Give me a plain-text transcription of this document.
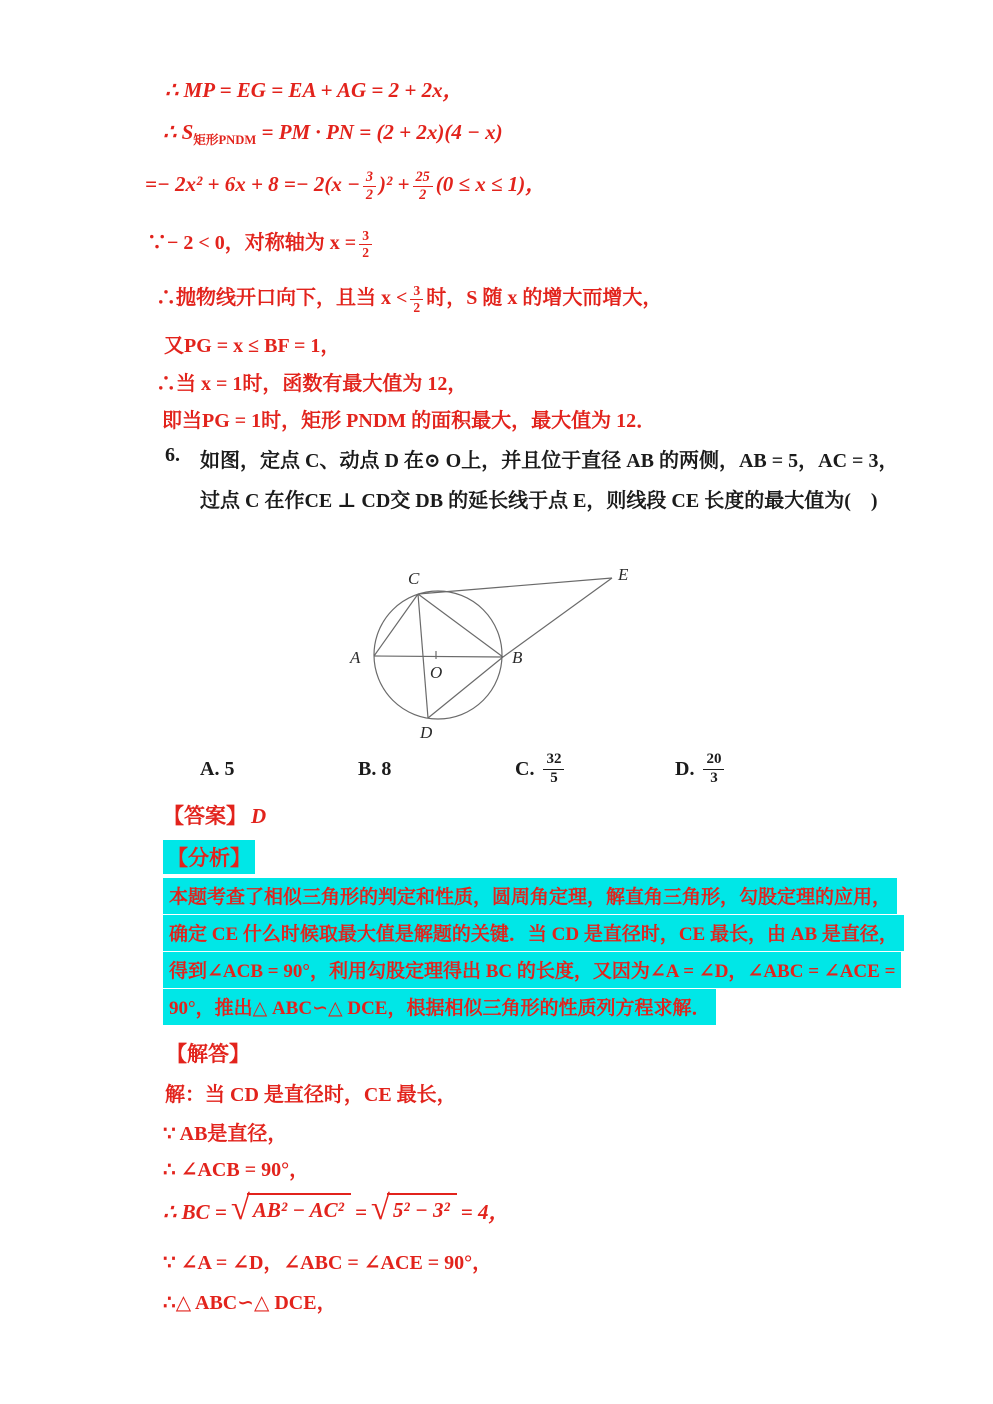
∴ MP = EG = EA + AG = 2 + 2x，
∴ $S_{矩形PNDM}$ = PM · PN = (2 + 2x)(4 − x)
=− $2x^2 + 6x + 8 =- 2(x - \frac{3}{2} )^2 + \frac{25}{2} (0 \le x \le 1)$，
∵− 2 < 0，对称轴为 $x = \frac{3}{2}$
∴抛物线开口向下，且当 $x < \frac{3}{2}$ 时，S 随 x 的增大而增大，
又PG = x ≤ BF = 1，
∴当 x = 1时，函数有最大值为 12，
即当PG = 1时，矩形 PNDM 的面积最大，最大值为 12．
6. 如图，定点 C、动点 D 在⊙ O上，并且位于直径 AB 的两侧，AB = 5，AC = 3，
过点 C 在作CE ⊥ CD交 DB 的延长线于点 E，则线段 CE 长度的最大值为(　)
A	B
C
D
E
O
A. 5	B. 8	C. $\frac{32}{5}$	D. $\frac{20}{3}$
【答案】 D
【分析】
本题考查了相似三角形的判定和性质，圆周角定理，解直角三角形，勾股定理的应用，
确定 CE 什么时候取最大值是解题的关键．当 CD 是直径时，CE 最长，由 AB 是直径，
得到∠ACB = 90°，利用勾股定理得出 BC 的长度，又因为∠A = ∠D，∠ABC = ∠ACE =
90°，推出△ ABC∽△ DCE，根据相似三角形的性质列方程求解．
【解答】
解：当 CD 是直径时，CE 最长，
∵ AB是直径，
∴ ∠ACB = 90°，
∴ BC = √ AB² − AC² = √ 5² − 3² = 4，
∵ ∠A = ∠D，∠ABC = ∠ACE = 90°，
∴△ ABC∽△ DCE，
